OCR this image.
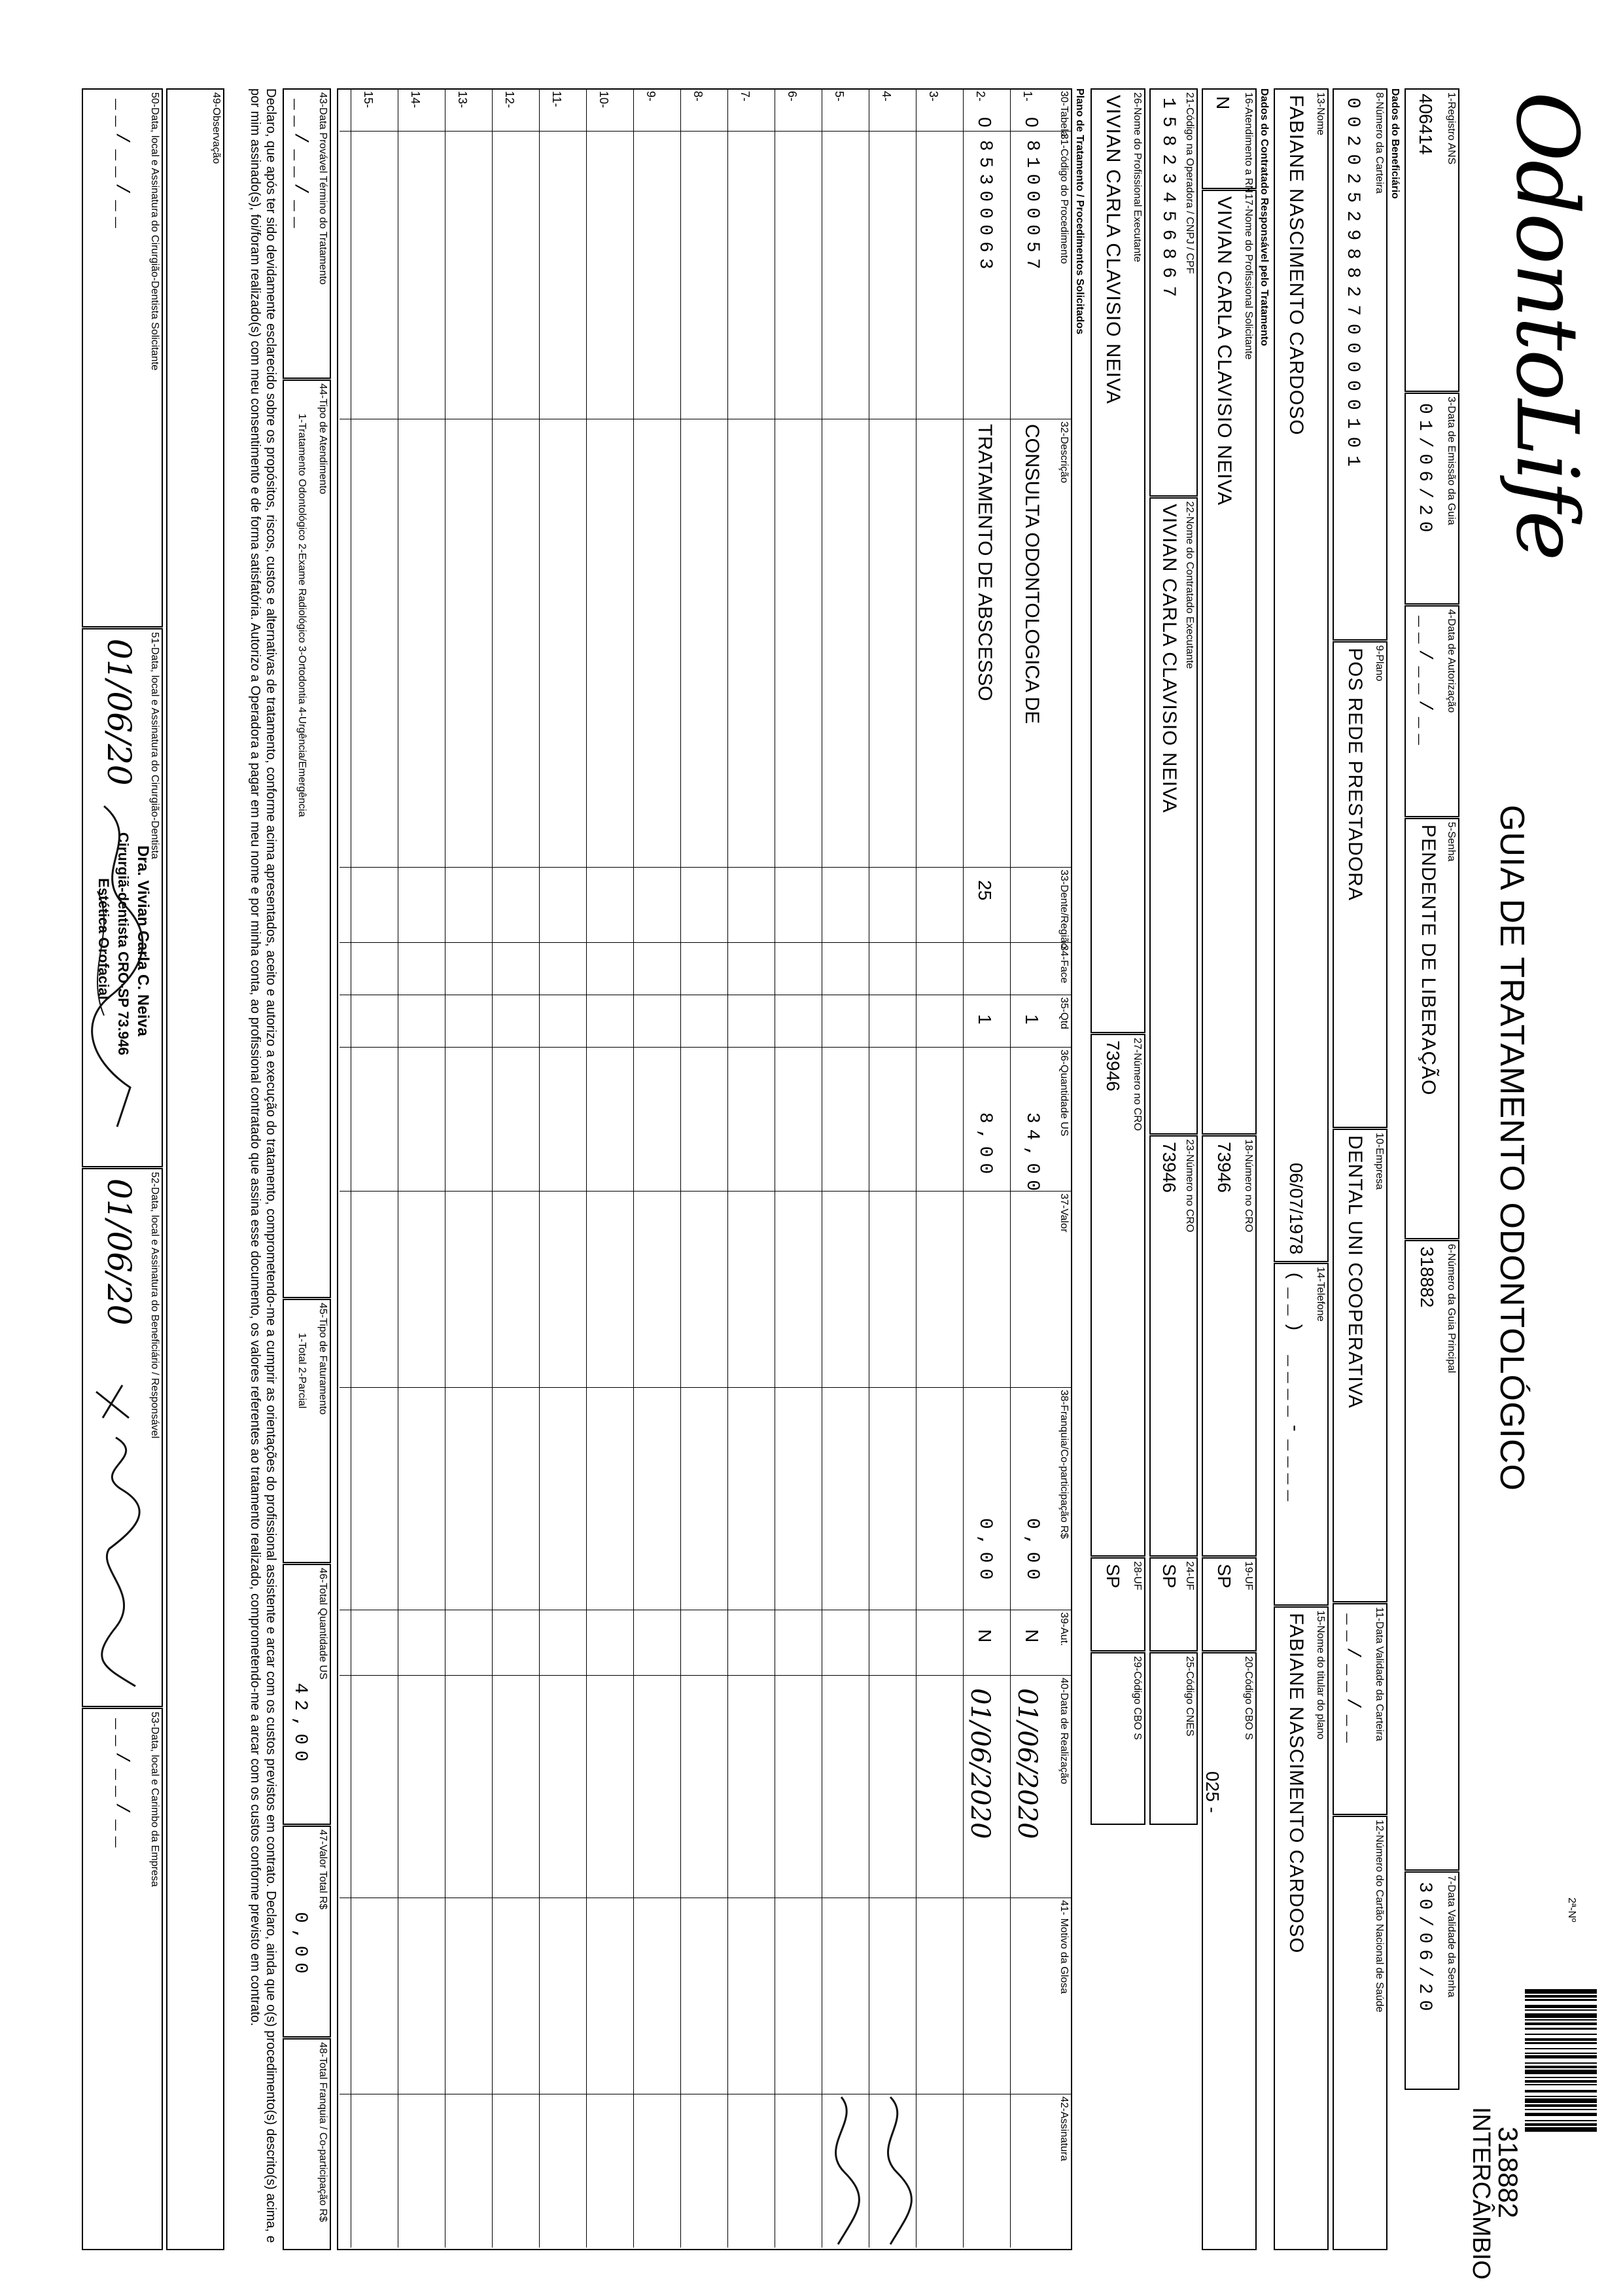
OdontoLife
GUIA DE TRATAMENTO ODONTOLÓGICO
2ª-Nº
318882
INTERCÂMBIO
1-Registro ANS
406414
3-Data de Emissão da Guia
01/06/20
4-Data de Autorização
__/__/__
5-Senha
PENDENTE DE LIBERAÇÃO
6-Número da Guia Principal
318882
7-Data Validade da Senha
30/06/20
Dados do Beneficiário
8-Número da Carteira
00202529882700000101
9-Plano
POS REDE PRESTADORA
10-Empresa
DENTAL UNI COOPERATIVA
11-Data Validade da Carteira
__/__/__
12-Número do Cartão Nacional de Saúde
13-Nome
FABIANE NASCIMENTO CARDOSO
06/07/1978
14-Telefone
(__) ____-____
15-Nome do titular do plano
FABIANE NASCIMENTO CARDOSO
Dados do Contratado Responsável pelo Tratamento
16-Atendimento a RN
N
17-Nome do Profissional Solicitante
VIVIAN CARLA CLAVISIO NEIVA
18-Número no CRO
73946
19-UF
SP
20-Código CBO S
025 -
21-Código na Operadora / CNPJ / CPF
15823456867
22-Nome do Contratado Executante
VIVIAN CARLA CLAVISIO NEIVA
23-Número no CRO
73946
24-UF
SP
25-Código CNES
26-Nome do Profissional Executante
VIVIAN CARLA CLAVISIO NEIVA
27-Número no CRO
73946
28-UF
SP
29-Código CBO S
Plano de Tratamento / Procedimentos Solicitados
30-Tabela
31-Código do Procedimento
32-Descrição
33-Dente/Região
34-Face
35-Qtd
36-Quantidade US
37-Valor
38-Franquia/Co-participação R$
39-Aut.
40-Data de Realização
41- Motivo da Glosa
42-Assinatura
1-
0
81000057
CONSULTA ODONTOLOGICA DE
1
34,00
0,00
N
01/06/2020
2-
0
85300063
TRATAMENTO DE ABSCESSO
25
1
8,00
0,00
N
01/06/2020
3-
4-
5-
6-
7-
8-
9-
10-
11-
12-
13-
14-
15-
43-Data Provável Término do Tratamento
__/__/__
44-Tipo de Atendimento
1-Tratamento Odontológico 2-Exame Radiológico 3-Ortodontia 4-Urgência/Emergência
45-Tipo de Faturamento
1-Total 2-Parcial
46-Total Quantidade US
42,00
47-Valor Total R$
0,00
48-Total Franquia / Co-participação R$
Declaro, que após ter sido devidamente esclarecido sobre os propósitos, riscos, custos e alternativas de tratamento, conforme acima apresentados, aceito e autorizo a execução do tratamento, comprometendo-me a cumprir as orientações do profissional assistente e arcar com os custos previstos em contrato. Declaro, ainda que o(s) procedimento(s) descrito(s) acima, e por mim assinado(s), foi/foram realizado(s) com meu consentimento e de forma satisfatória. Autorizo a Operadora a pagar em meu nome e por minha conta, ao profissional contratado que assina esse documento, os valores referentes ao tratamento realizado, comprometendo-me a arcar com os custos conforme previsto em contrato.
49-Observação
50-Data, local e Assinatura do Cirurgião-Dentista Solicitante
__/__/__
51-Data, local e Assinatura do Cirurgião-Dentista
01/06/20
Dra. Vivian Carla C. Neiva
Cirurgiã-dentista CRO-SP 73.946
Estética Orofacial
52-Data, local e Assinatura do Beneficiário / Responsável
01/06/20
53-Data, local e Carimbo da Empresa
__/__/__
